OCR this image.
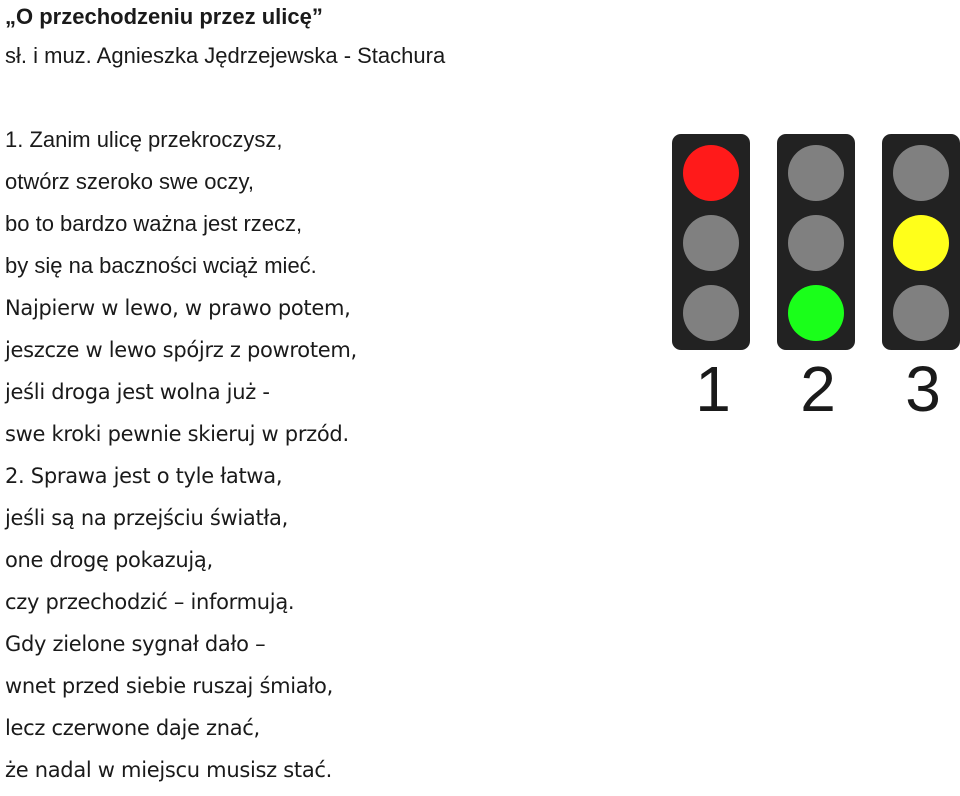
„O przechodzeniu przez ulicę”
sł. i muz. Agnieszka Jędrzejewska - Stachura
1. Zanim ulicę przekroczysz,
otwórz szeroko swe oczy,
bo to bardzo ważna jest rzecz,
by się na baczności wciąż mieć.
Najpierw w lewo, w prawo potem,
jeszcze w lewo spójrz z powrotem,
jeśli droga jest wolna już -
swe kroki pewnie skieruj w przód.
2. Sprawa jest o tyle łatwa,
jeśli są na przejściu światła,
one drogę pokazują,
czy przechodzić – informują.
Gdy zielone sygnał dało –
wnet przed siebie ruszaj śmiało,
lecz czerwone daje znać,
że nadal w miejscu musisz stać.
1 2 3
